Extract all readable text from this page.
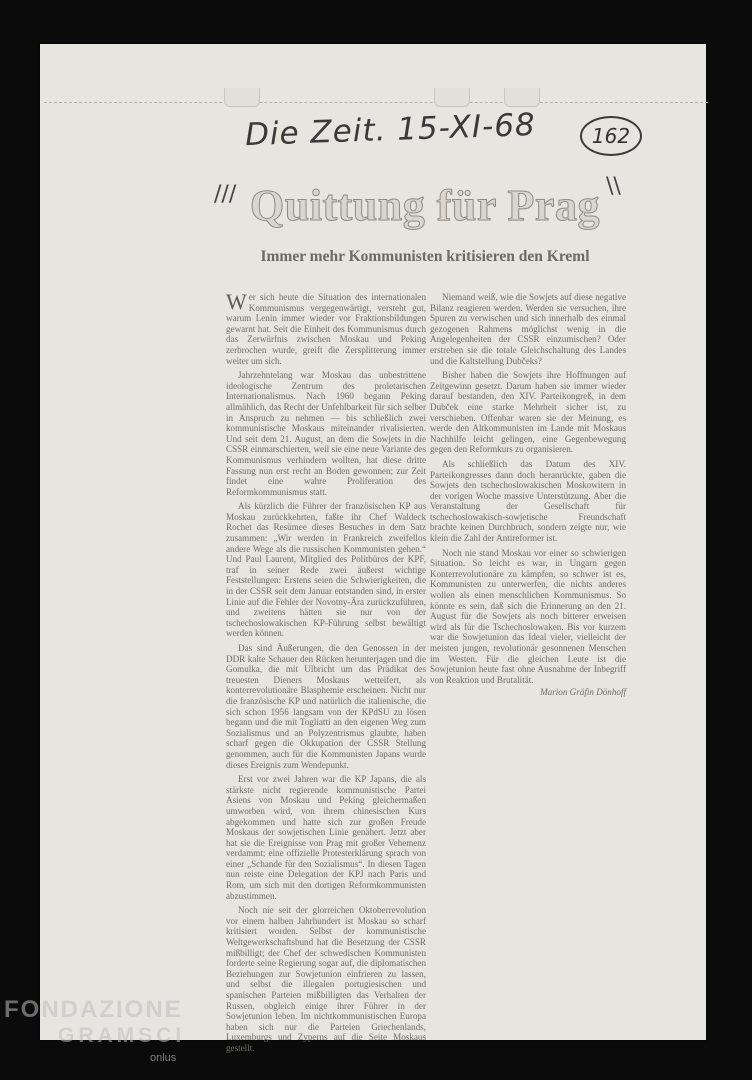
Die Zeit. 15-XI-68	162
///	\\
Quittung für Prag
Immer mehr Kommunisten kritisieren den Kreml

Wer sich heute die Situation des internationalen Kommunismus vergegenwärtigt, versteht gut, warum Lenin immer wieder vor Fraktionsbildungen gewarnt hat. Seit die Einheit des Kommunismus durch das Zerwürfnis zwischen Moskau und Peking zerbrochen wurde, greift die Zersplitterung immer weiter um sich.

Jahrzehntelang war Moskau das unbestrittene ideologische Zentrum des proletarischen Internationalismus. Nach 1960 begann Peking allmählich, das Recht der Unfehlbarkeit für sich selber in Anspruch zu nehmen — bis schließlich zwei kommunistische Moskaus miteinander rivalisierten. Und seit dem 21. August, an dem die Sowjets in die CSSR einmarschierten, weil sie eine neue Variante des Kommunismus verhindern wollten, hat diese dritte Fassung nun erst recht an Boden gewonnen; zur Zeit findet eine wahre Proliferation des Reformkommunismus statt.

Als kürzlich die Führer der französischen KP aus Moskau zurückkehrten, faßte ihr Chef Waldeck Rochet das Resümee dieses Besuches in dem Satz zusammen: „Wir werden in Frankreich zweifellos andere Wege als die russischen Kommunisten gehen.“ Und Paul Laurent, Mitglied des Politbüros der KPF, traf in seiner Rede zwei äußerst wichtige Feststellungen: Erstens seien die Schwierigkeiten, die in der CSSR seit dem Januar entstanden sind, in erster Linie auf die Fehler der Novotny-Ära zurückzuführen, und zweitens hätten sie nur von der tschechoslowakischen KP-Führung selbst bewältigt werden können.

Das sind Äußerungen, die den Genossen in der DDR kalte Schauer den Rücken herunterjagen und die Gomulka, die mit Ulbricht um das Prädikat des treuesten Dieners Moskaus wetteifert, als konterrevolutionäre Blasphemie erscheinen. Nicht nur die französische KP und natürlich die italienische, die sich schon 1956 langsam von der KPdSU zu lösen begann und die mit Togliatti an den eigenen Weg zum Sozialismus und an Polyzentrismus glaubte, haben scharf gegen die Okkupation der CSSR Stellung genommen, auch für die Kommunisten Japans wurde dieses Ereignis zum Wendepunkt.

Erst vor zwei Jahren war die KP Japans, die als stärkste nicht regierende kommunistische Partei Asiens von Moskau und Peking gleichermaßen umworben wird, von ihrem chinesischen Kurs abgekommen und hatte sich zur großen Freude Moskaus der sowjetischen Linie genähert. Jetzt aber hat sie die Ereignisse von Prag mit großer Vehemenz verdammt; eine offizielle Protesterklärung sprach von einer „Schande für den Sozialismus“. In diesen Tagen nun reiste eine Delegation der KPJ nach Paris und Rom, um sich mit den dortigen Reformkommunisten abzustimmen.

Noch nie seit der glorreichen Oktoberrevolution vor einem halben Jahrhundert ist Moskau so scharf kritisiert worden. Selbst der kommunistische Weltgewerkschaftsbund hat die Besetzung der CSSR mißbilligt; der Chef der schwedischen Kommunisten forderte seine Regierung sogar auf, die diplomatischen Beziehungen zur Sowjetunion einfrieren zu lassen, und selbst die illegalen portugiesischen und spanischen Parteien mißbilligten das Verhalten der Russen, obgleich einige ihrer Führer in der Sowjetunion leben. Im nichtkommunistischen Europa haben sich nur die Parteien Griechenlands, Luxemburgs und Zyperns auf die Seite Moskaus gestellt.

Niemand weiß, wie die Sowjets auf diese negative Bilanz reagieren werden. Werden sie versuchen, ihre Spuren zu verwischen und sich innerhalb des einmal gezogenen Rahmens möglichst wenig in die Angelegenheiten der CSSR einzumischen? Oder erstreben sie die totale Gleichschaltung des Landes und die Kaltstellung Dubčeks?

Bisher haben die Sowjets ihre Hoffnungen auf Zeitgewinn gesetzt. Darum haben sie immer wieder darauf bestanden, den XIV. Parteikongreß, in dem Dubček eine starke Mehrheit sicher ist, zu verschieben. Offenbar waren sie der Meinung, es werde den Altkommunisten im Lande mit Moskaus Nachhilfe leicht gelingen, eine Gegenbewegung gegen den Reformkurs zu organisieren.

Als schließlich das Datum des XIV. Parteikongresses dann doch heranrückte, gaben die Sowjets den tschechoslowakischen Moskowitern in der vorigen Woche massive Unterstützung. Aber die Veranstaltung der Gesellschaft für tschechoslowakisch-sowjetische Freundschaft brachte keinen Durchbruch, sondern zeigte nur, wie klein die Zahl der Antireformer ist.

Noch nie stand Moskau vor einer so schwierigen Situation. So leicht es war, in Ungarn gegen Konterrevolutionäre zu kämpfen, so schwer ist es, Kommunisten zu unterwerfen, die nichts anderes wollen als einen menschlichen Kommunismus. So könnte es sein, daß sich die Erinnerung an den 21. August für die Sowjets als noch bitterer erweisen wird als für die Tschechoslowaken. Bis vor kurzem war die Sowjetunion das Ideal vieler, vielleicht der meisten jungen, revolutionär gesonnenen Menschen im Westen. Für die gleichen Leute ist die Sowjetunion heute fast ohne Ausnahme der Inbegriff von Reaktion und Brutalität.

Marion Gräfin Dönhoff
FONDAZIONE
GRAMSCI
onlus
